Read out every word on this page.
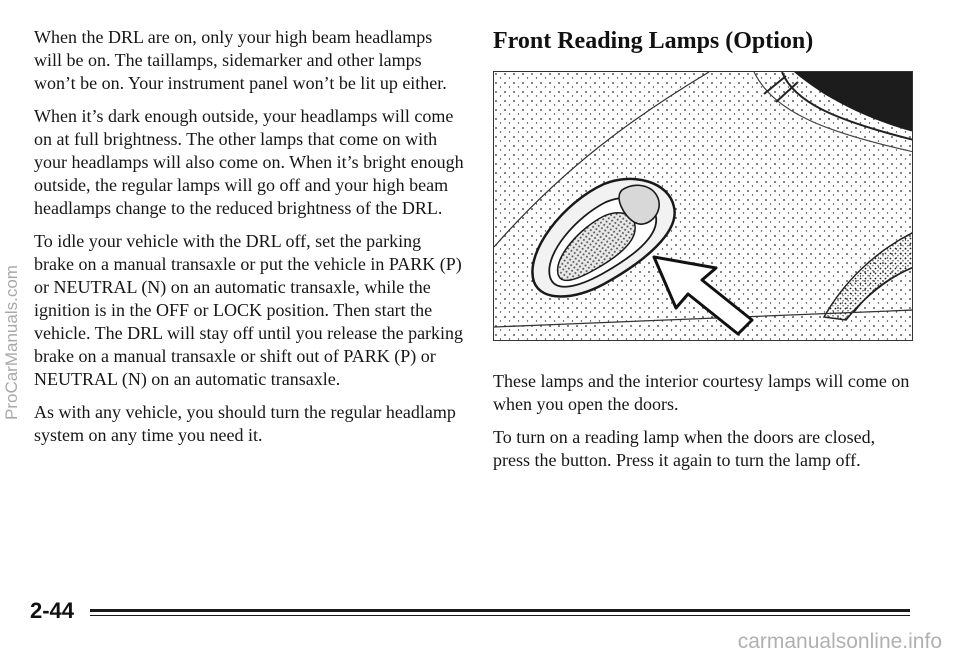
When the DRL are on, only your high beam headlamps will be on. The taillamps, sidemarker and other lamps won’t be on. Your instrument panel won’t be lit up either.

When it’s dark enough outside, your headlamps will come on at full brightness. The other lamps that come on with your headlamps will also come on. When it’s bright enough outside, the regular lamps will go off and your high beam headlamps change to the reduced brightness of the DRL.

To idle your vehicle with the DRL off, set the parking brake on a manual transaxle or put the vehicle in PARK (P) or NEUTRAL (N) on an automatic transaxle, while the ignition is in the OFF or LOCK position. Then start the vehicle. The DRL will stay off until you release the parking brake on a manual transaxle or shift out of PARK (P) or NEUTRAL (N) on an automatic transaxle.

As with any vehicle, you should turn the regular headlamp system on any time you need it.

Front Reading Lamps (Option)

These lamps and the interior courtesy lamps will come on when you open the doors.

To turn on a reading lamp when the doors are closed, press the button. Press it again to turn the lamp off.

2-44
ProCarManuals.com
carmanualsonline.info
